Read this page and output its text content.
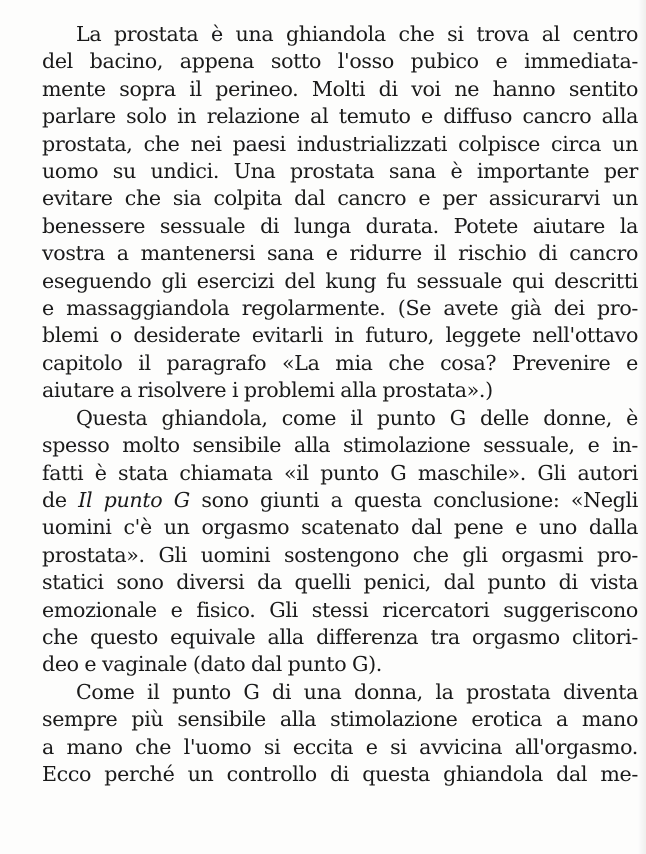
La prostata è una ghiandola che si trova al centro
del bacino, appena sotto l'osso pubico e immediata-
mente sopra il perineo. Molti di voi ne hanno sentito
parlare solo in relazione al temuto e diffuso cancro alla
prostata, che nei paesi industrializzati colpisce circa un
uomo su undici. Una prostata sana è importante per
evitare che sia colpita dal cancro e per assicurarvi un
benessere sessuale di lunga durata. Potete aiutare la
vostra a mantenersi sana e ridurre il rischio di cancro
eseguendo gli esercizi del kung fu sessuale qui descritti
e massaggiandola regolarmente. (Se avete già dei pro-
blemi o desiderate evitarli in futuro, leggete nell'ottavo
capitolo il paragrafo «La mia che cosa? Prevenire e
aiutare a risolvere i problemi alla prostata».)
Questa ghiandola, come il punto G delle donne, è
spesso molto sensibile alla stimolazione sessuale, e in-
fatti è stata chiamata «il punto G maschile». Gli autori
de Il punto G sono giunti a questa conclusione: «Negli
uomini c'è un orgasmo scatenato dal pene e uno dalla
prostata». Gli uomini sostengono che gli orgasmi pro-
statici sono diversi da quelli penici, dal punto di vista
emozionale e fisico. Gli stessi ricercatori suggeriscono
che questo equivale alla differenza tra orgasmo clitori-
deo e vaginale (dato dal punto G).
Come il punto G di una donna, la prostata diventa
sempre più sensibile alla stimolazione erotica a mano
a mano che l'uomo si eccita e si avvicina all'orgasmo.
Ecco perché un controllo di questa ghiandola dal me-
